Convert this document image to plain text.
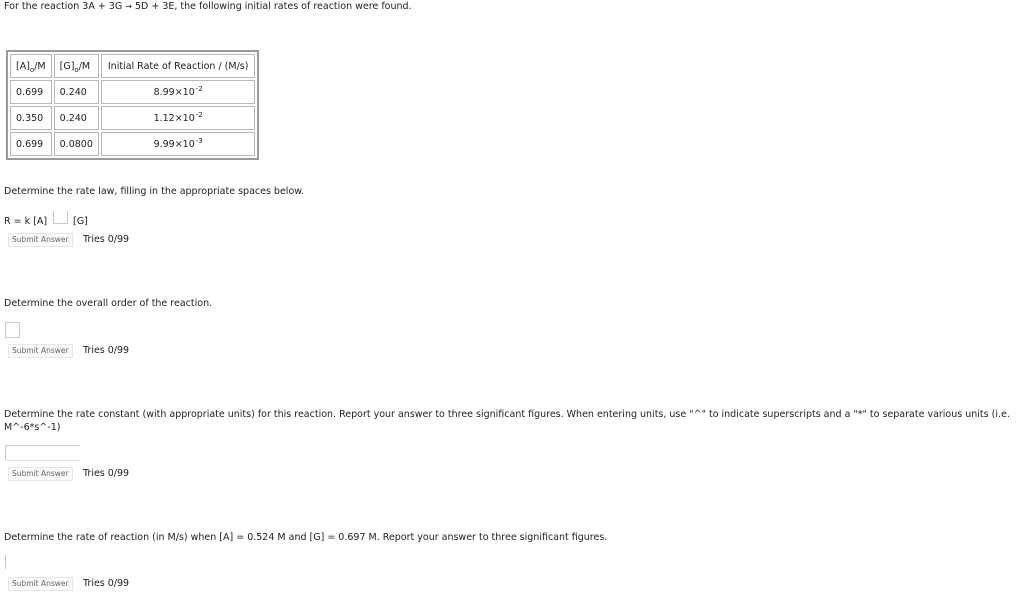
For the reaction 3A + 3G → 5D + 3E, the following initial rates of reaction were found.
$[A]_o/M$	$[G]_o/M$	Initial Rate of Reaction / (M/s)
0.699	0.240	$8.99\times 10^{-2}$
0.350	0.240	$1.12\times 10^{-2}$
0.699	0.0800	$9.99\times 10^{-3}$
Determine the rate law, filling in the appropriate spaces below.
R = k [A]	[G]
Submit Answer	Tries 0/99
Determine the overall order of the reaction.
Submit Answer	Tries 0/99
Determine the rate constant (with appropriate units) for this reaction. Report your answer to three significant figures. When entering units, use "^" to indicate superscripts and a "*" to separate various units (i.e.
M^-6*s^-1)
Submit Answer	Tries 0/99
Determine the rate of reaction (in M/s) when [A] = 0.524 M and [G] = 0.697 M. Report your answer to three significant figures.
Submit Answer	Tries 0/99
